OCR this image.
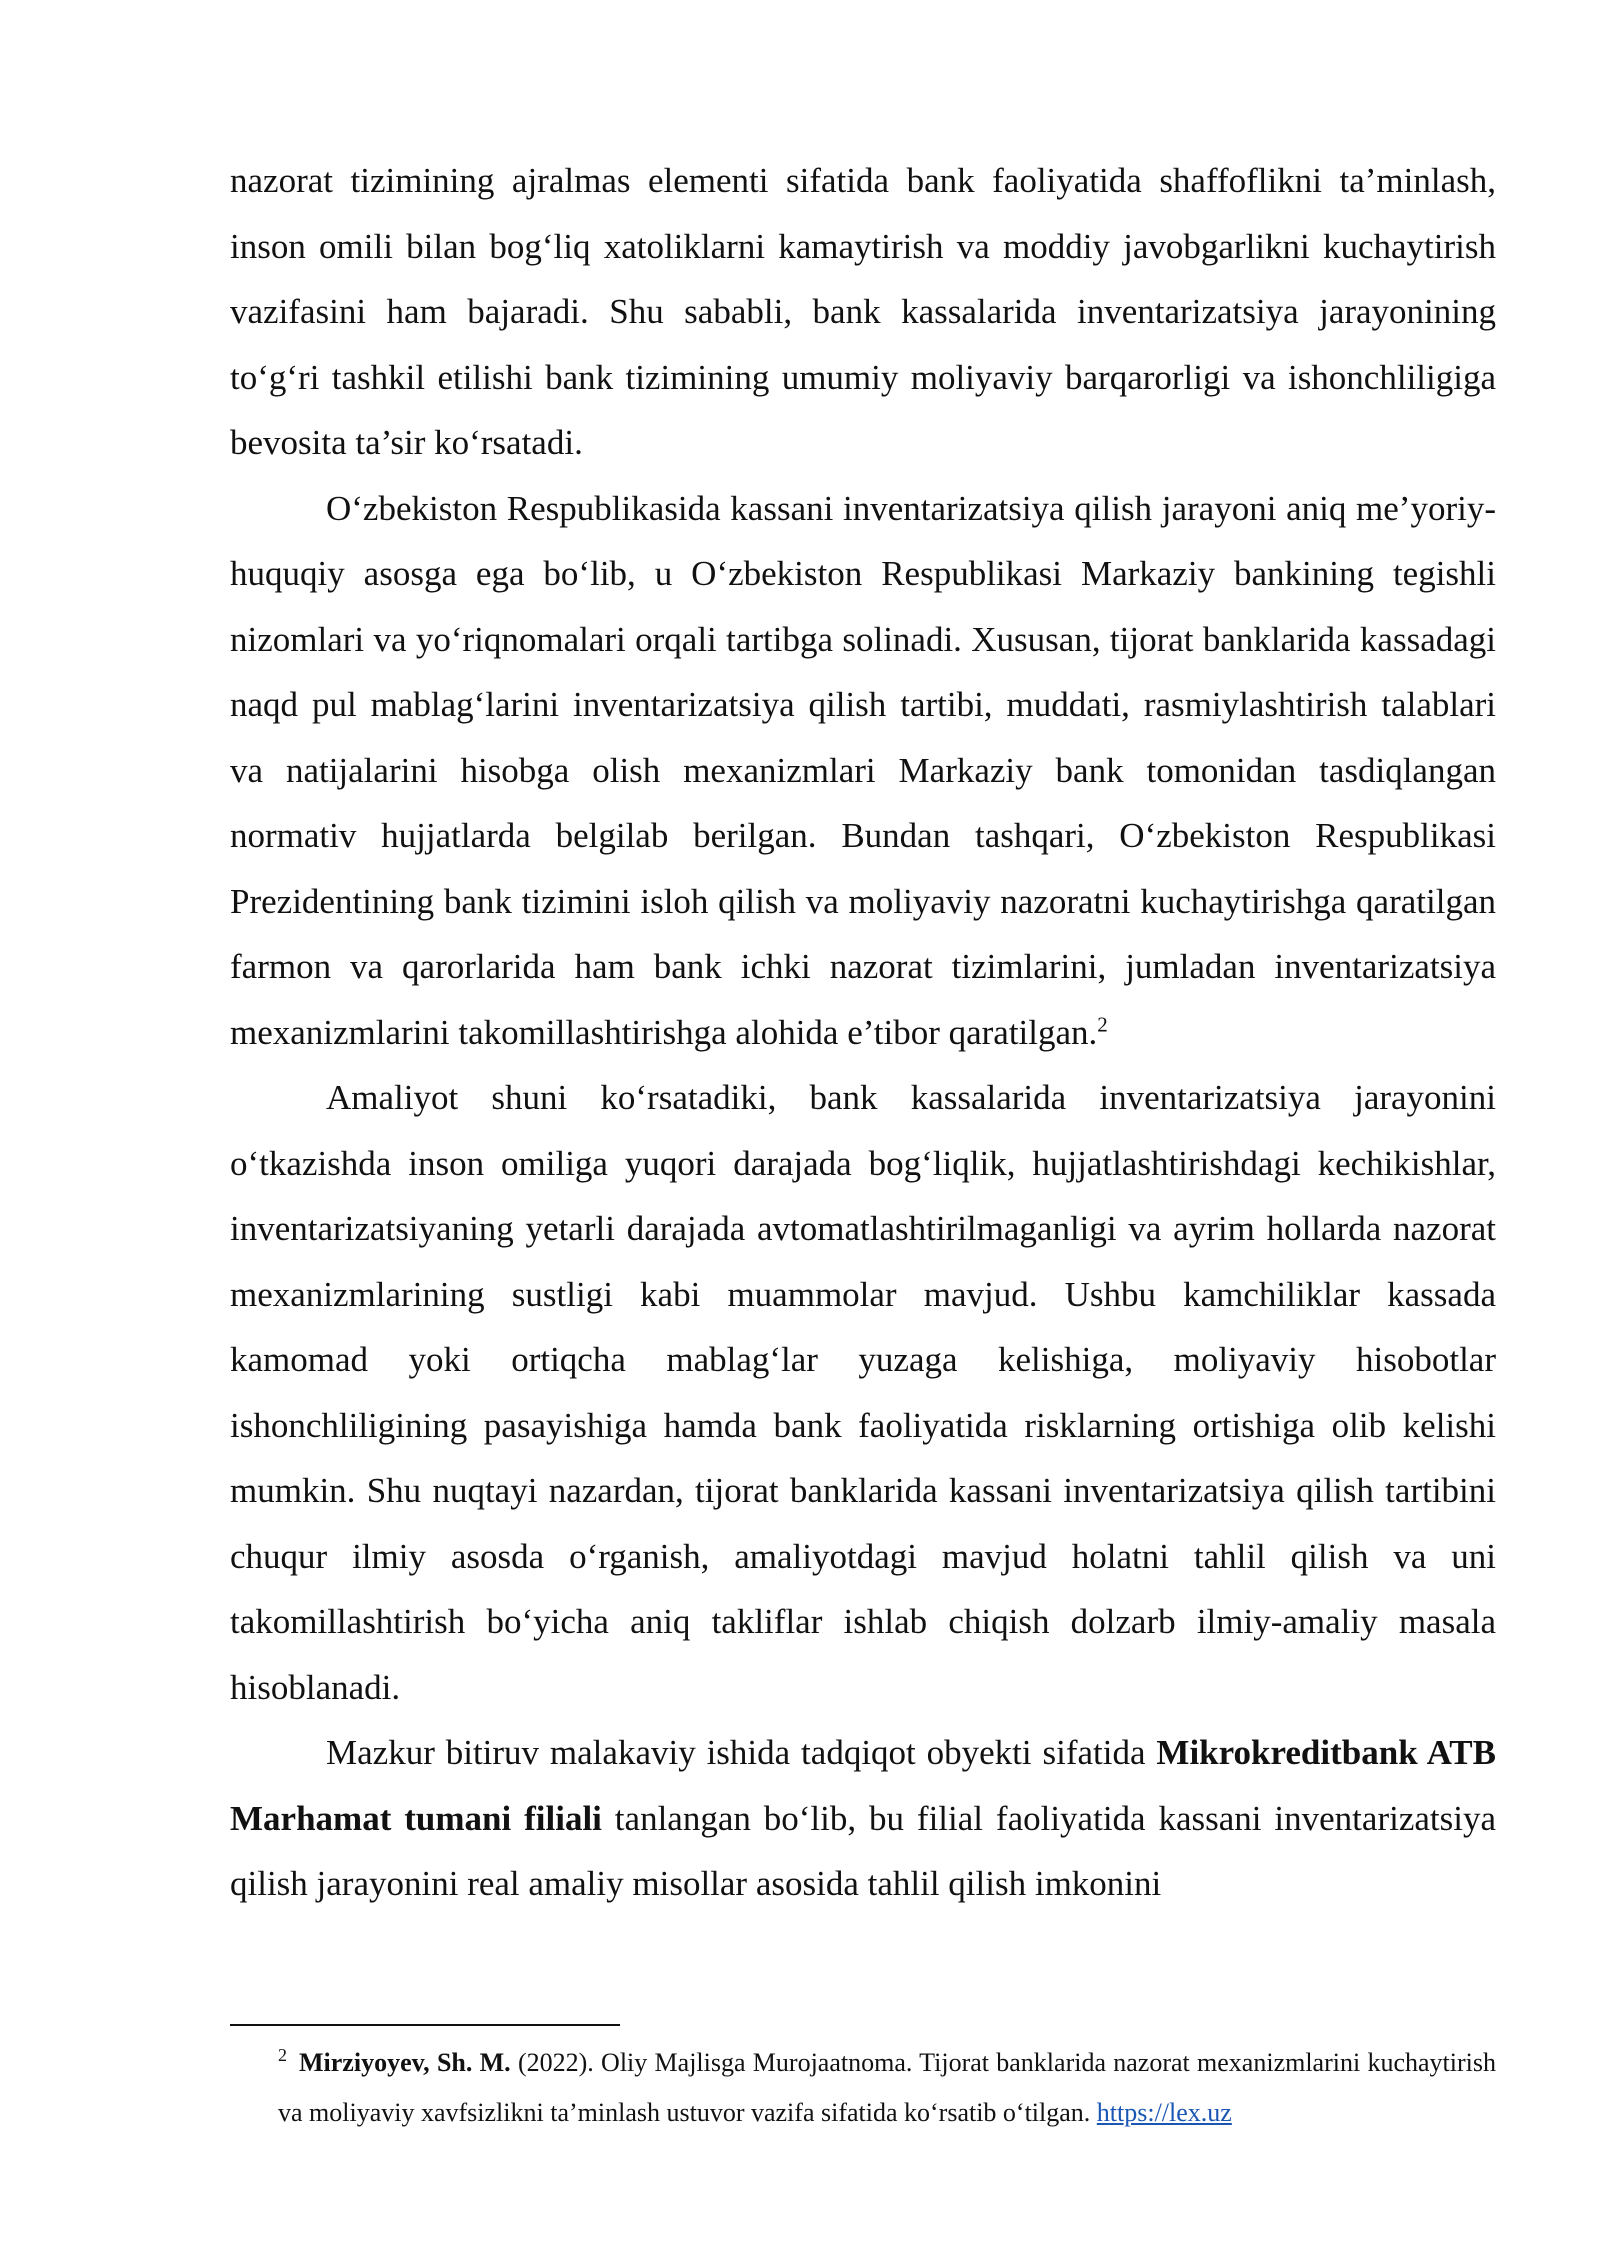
nazorat tizimining ajralmas elementi sifatida bank faoliyatida shaffoflikni ta’minlash, inson omili bilan bog‘liq xatoliklarni kamaytirish va moddiy javobgarlikni kuchaytirish vazifasini ham bajaradi. Shu sababli, bank kassalarida inventarizatsiya jarayonining to‘g‘ri tashkil etilishi bank tizimining umumiy moliyaviy barqarorligi va ishonchliligiga bevosita ta’sir ko‘rsatadi.

O‘zbekiston Respublikasida kassani inventarizatsiya qilish jarayoni aniq me’yoriy-huquqiy asosga ega bo‘lib, u O‘zbekiston Respublikasi Markaziy bankining tegishli nizomlari va yo‘riqnomalari orqali tartibga solinadi. Xususan, tijorat banklarida kassadagi naqd pul mablag‘larini inventarizatsiya qilish tartibi, muddati, rasmiylashtirish talablari va natijalarini hisobga olish mexanizmlari Markaziy bank tomonidan tasdiqlangan normativ hujjatlarda belgilab berilgan. Bundan tashqari, O‘zbekiston Respublikasi Prezidentining bank tizimini isloh qilish va moliyaviy nazoratni kuchaytirishga qaratilgan farmon va qarorlarida ham bank ichki nazorat tizimlarini, jumladan inventarizatsiya mexanizmlarini takomillashtirishga alohida e’tibor qaratilgan.$^2$

Amaliyot shuni ko‘rsatadiki, bank kassalarida inventarizatsiya jarayonini o‘tkazishda inson omiliga yuqori darajada bog‘liqlik, hujjatlashtirishdagi kechikishlar, inventarizatsiyaning yetarli darajada avtomatlashtirilmaganligi va ayrim hollarda nazorat mexanizmlarining sustligi kabi muammolar mavjud. Ushbu kamchiliklar kassada kamomad yoki ortiqcha mablag‘lar yuzaga kelishiga, moliyaviy hisobotlar ishonchliligining pasayishiga hamda bank faoliyatida risklarning ortishiga olib kelishi mumkin. Shu nuqtayi nazardan, tijorat banklarida kassani inventarizatsiya qilish tartibini chuqur ilmiy asosda o‘rganish, amaliyotdagi mavjud holatni tahlil qilish va uni takomillashtirish bo‘yicha aniq takliflar ishlab chiqish dolzarb ilmiy-amaliy masala hisoblanadi.

Mazkur bitiruv malakaviy ishida tadqiqot obyekti sifatida Mikrokreditbank ATB Marhamat tumani filiali tanlangan bo‘lib, bu filial faoliyatida kassani inventarizatsiya qilish jarayonini real amaliy misollar asosida tahlil qilish imkonini

$^2$ Mirziyoyev, Sh. M. (2022). Oliy Majlisga Murojaatnoma. Tijorat banklarida nazorat mexanizmlarini kuchaytirish va moliyaviy xavfsizlikni ta’minlash ustuvor vazifa sifatida ko‘rsatib o‘tilgan. https://lex.uz
